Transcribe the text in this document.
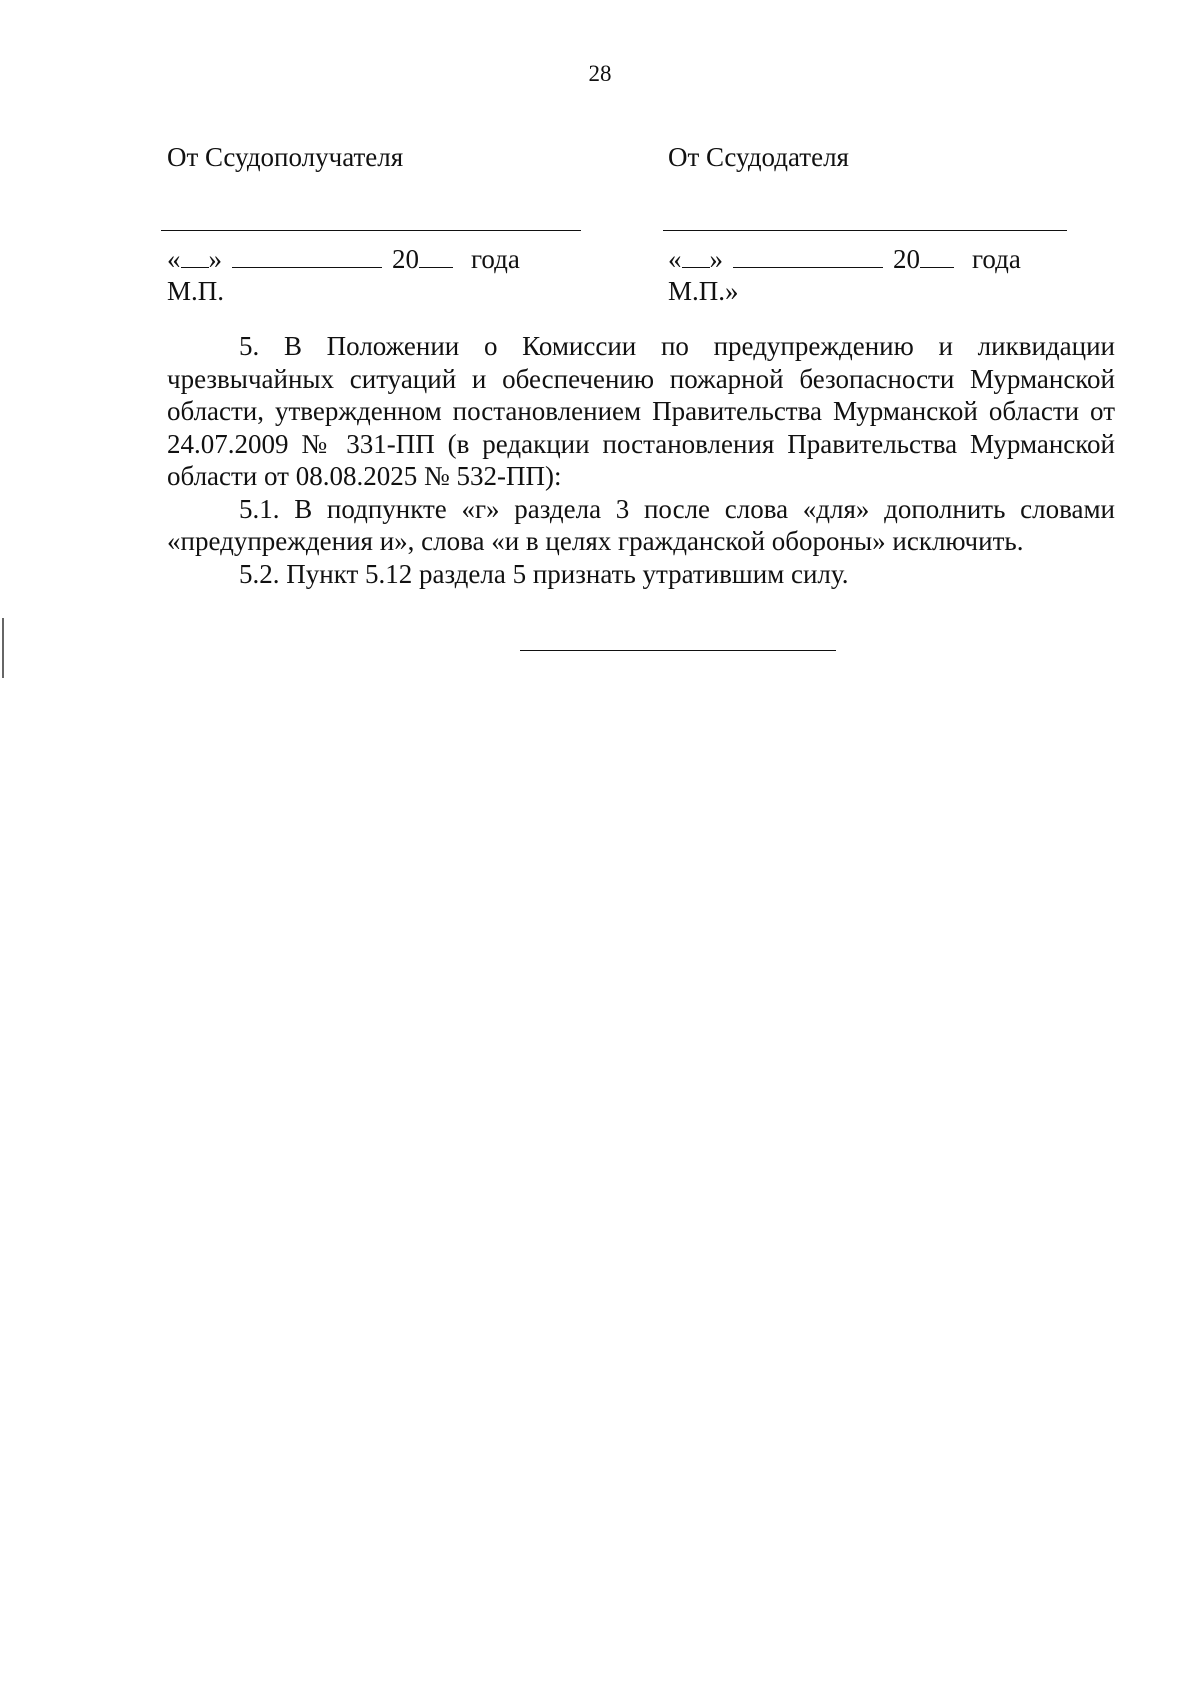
28

От Ссудополучателя

« »	20 года

М.П.

От Ссудодателя

« »	20 года

М.П.»

5. В Положении о Комиссии по предупреждению и ликвидации чрезвычайных ситуаций и обеспечению пожарной безопасности Мурманской области, утвержденном постановлением Правительства Мурманской области от 24.07.2009 № 331-ПП (в редакции постановления Правительства Мурманской области от 08.08.2025 № 532-ПП):

5.1. В подпункте «г» раздела 3 после слова «для» дополнить словами «предупреждения и», слова «и в целях гражданской обороны» исключить.

5.2. Пункт 5.12 раздела 5 признать утратившим силу.
